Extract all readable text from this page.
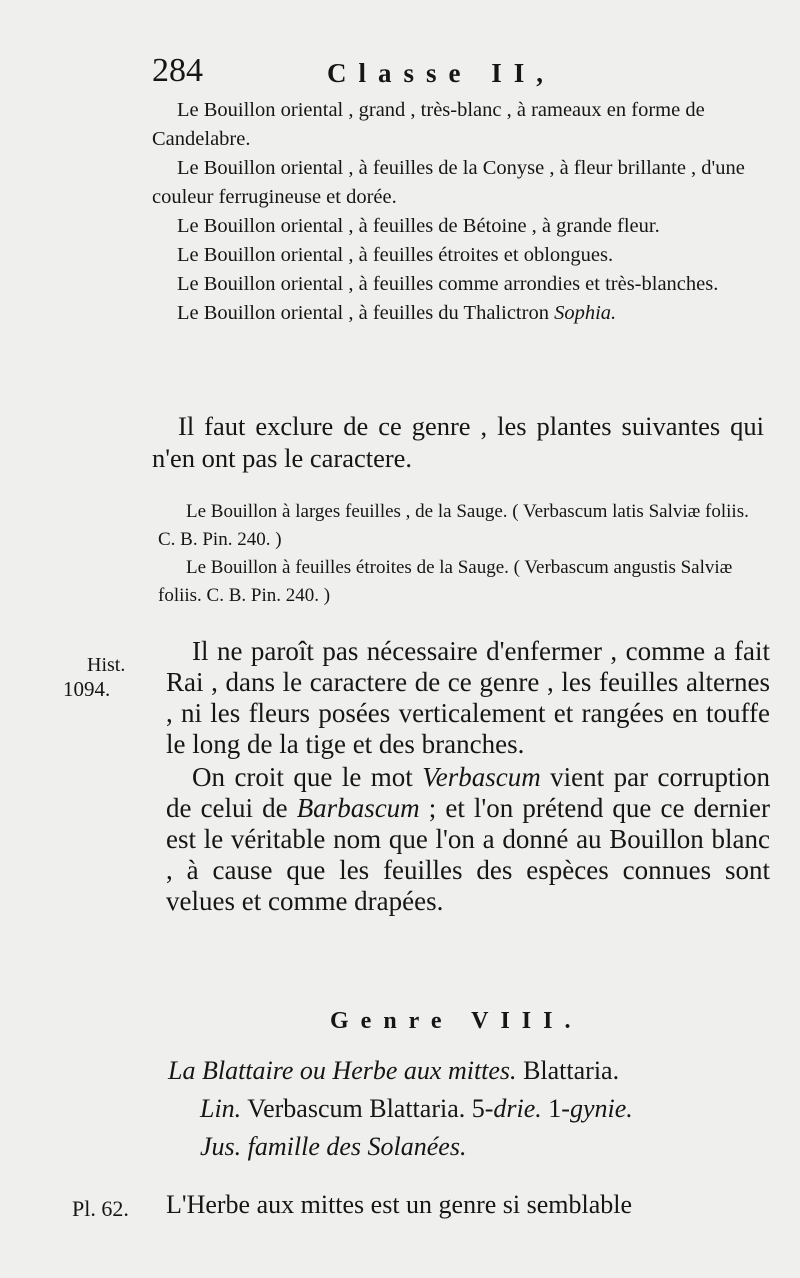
284	Classe II,

Le Bouillon oriental , grand , très-blanc , à rameaux en forme de Candelabre.

Le Bouillon oriental , à feuilles de la Conyse , à fleur brillante , d'une couleur ferrugineuse et dorée.

Le Bouillon oriental , à feuilles de Bétoine , à grande fleur.

Le Bouillon oriental , à feuilles étroites et oblongues.

Le Bouillon oriental , à feuilles comme arrondies et très-blanches.

Le Bouillon oriental , à feuilles du Thalictron Sophia.

Il faut exclure de ce genre , les plantes suivantes qui n'en ont pas le caractere.

Le Bouillon à larges feuilles , de la Sauge. ( Verbascum latis Salviæ foliis. C. B. Pin. 240. )

Le Bouillon à feuilles étroites de la Sauge. ( Verbascum angustis Salviæ foliis. C. B. Pin. 240. )

Hist.
1094.

Il ne paroît pas nécessaire d'enfermer , comme a fait Rai , dans le caractere de ce genre , les feuilles alternes , ni les fleurs posées verticalement et rangées en touffe le long de la tige et des branches.

On croit que le mot Verbascum vient par corruption de celui de Barbascum ; et l'on prétend que ce dernier est le véritable nom que l'on a donné au Bouillon blanc , à cause que les feuilles des espèces connues sont velues et comme drapées.

Genre VIII.
La Blattaire ou Herbe aux mittes. Blattaria.
Lin. Verbascum Blattaria. 5-drie. 1-gynie.
Jus. famille des Solanées.
Pl. 62. L'Herbe aux mittes est un genre si semblable
